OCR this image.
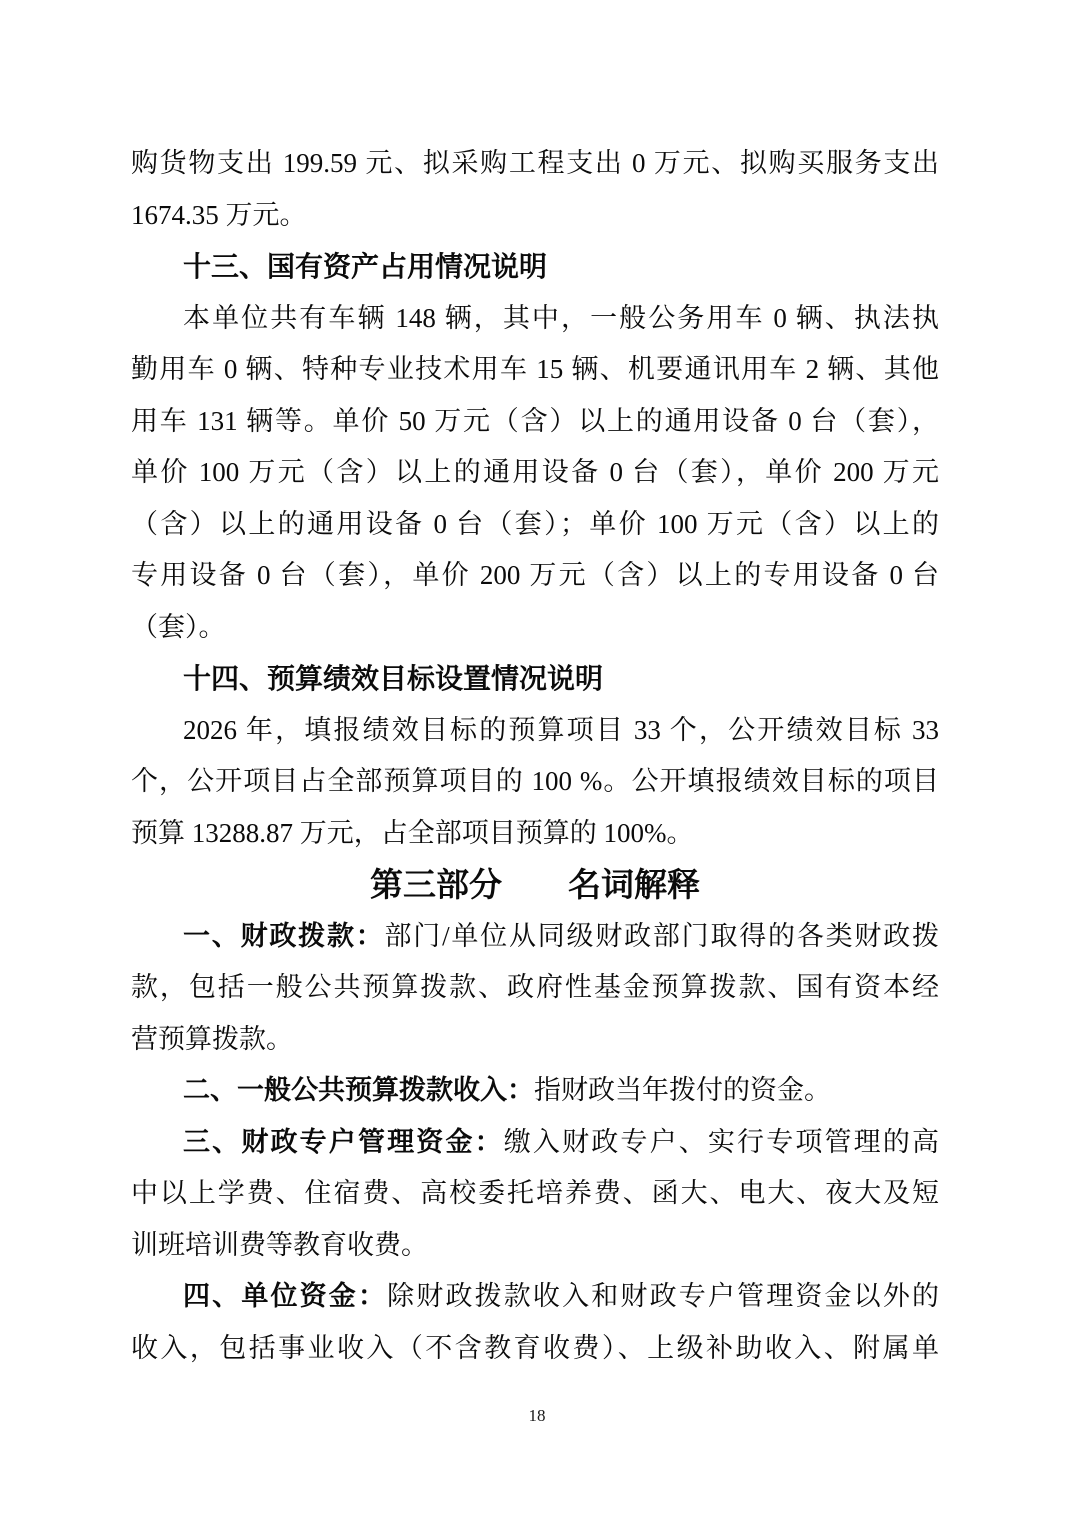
购货物支出 199.59 元、拟采购工程支出 0 万元、拟购买服务支出
1674.35 万元。
十三、国有资产占用情况说明
本单位共有车辆 148 辆，其中，一般公务用车 0 辆、执法执
勤用车 0 辆、特种专业技术用车 15 辆、机要通讯用车 2 辆、其他
用车 131 辆等。单价 50 万元（含）以上的通用设备 0 台（套），
单价 100 万元（含）以上的通用设备 0 台（套），单价 200 万元
（含）以上的通用设备 0 台（套）；单价 100 万元（含）以上的
专用设备 0 台（套），单价 200 万元（含）以上的专用设备 0 台
（套）。
十四、预算绩效目标设置情况说明
2026 年，填报绩效目标的预算项目 33 个，公开绩效目标 33
个，公开项目占全部预算项目的 100 %。公开填报绩效目标的项目
预算 13288.87 万元，占全部项目预算的 100%。
第三部分　　名词解释
一、财政拨款：部门/单位从同级财政部门取得的各类财政拨
款，包括一般公共预算拨款、政府性基金预算拨款、国有资本经
营预算拨款。
二、一般公共预算拨款收入：指财政当年拨付的资金。
三、财政专户管理资金：缴入财政专户、实行专项管理的高
中以上学费、住宿费、高校委托培养费、函大、电大、夜大及短
训班培训费等教育收费。
四、单位资金：除财政拨款收入和财政专户管理资金以外的
收入，包括事业收入（不含教育收费）、上级补助收入、附属单
18
